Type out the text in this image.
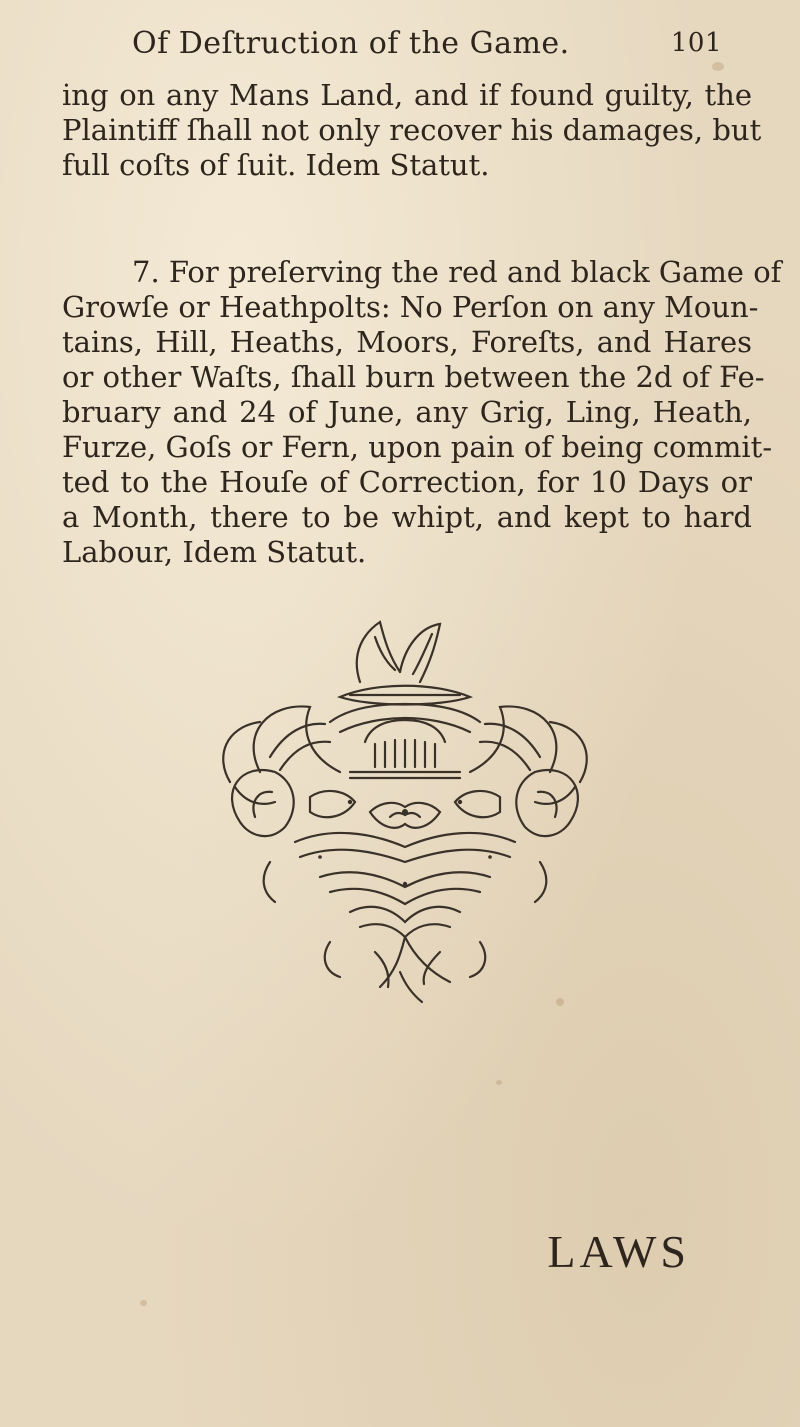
Of Deſtruction of the Game.	101
ing on any Mans Land, and if found guilty, the
Plaintiff ſhall not only recover his damages, but
full coſts of ſuit. Idem Statut.
7. For preſerving the red and black Game of
Growſe or Heathpolts: No Perſon on any Moun-
tains, Hill, Heaths, Moors, Foreſts, and Hares
or other Waſts, ſhall burn between the 2d of Fe-
bruary and 24 of June, any Grig, Ling, Heath,
Furze, Goſs or Fern, upon pain of being commit-
ted to the Houſe of Correction, for 10 Days or
a Month, there to be whipt, and kept to hard
Labour, Idem Statut.
LAWS
